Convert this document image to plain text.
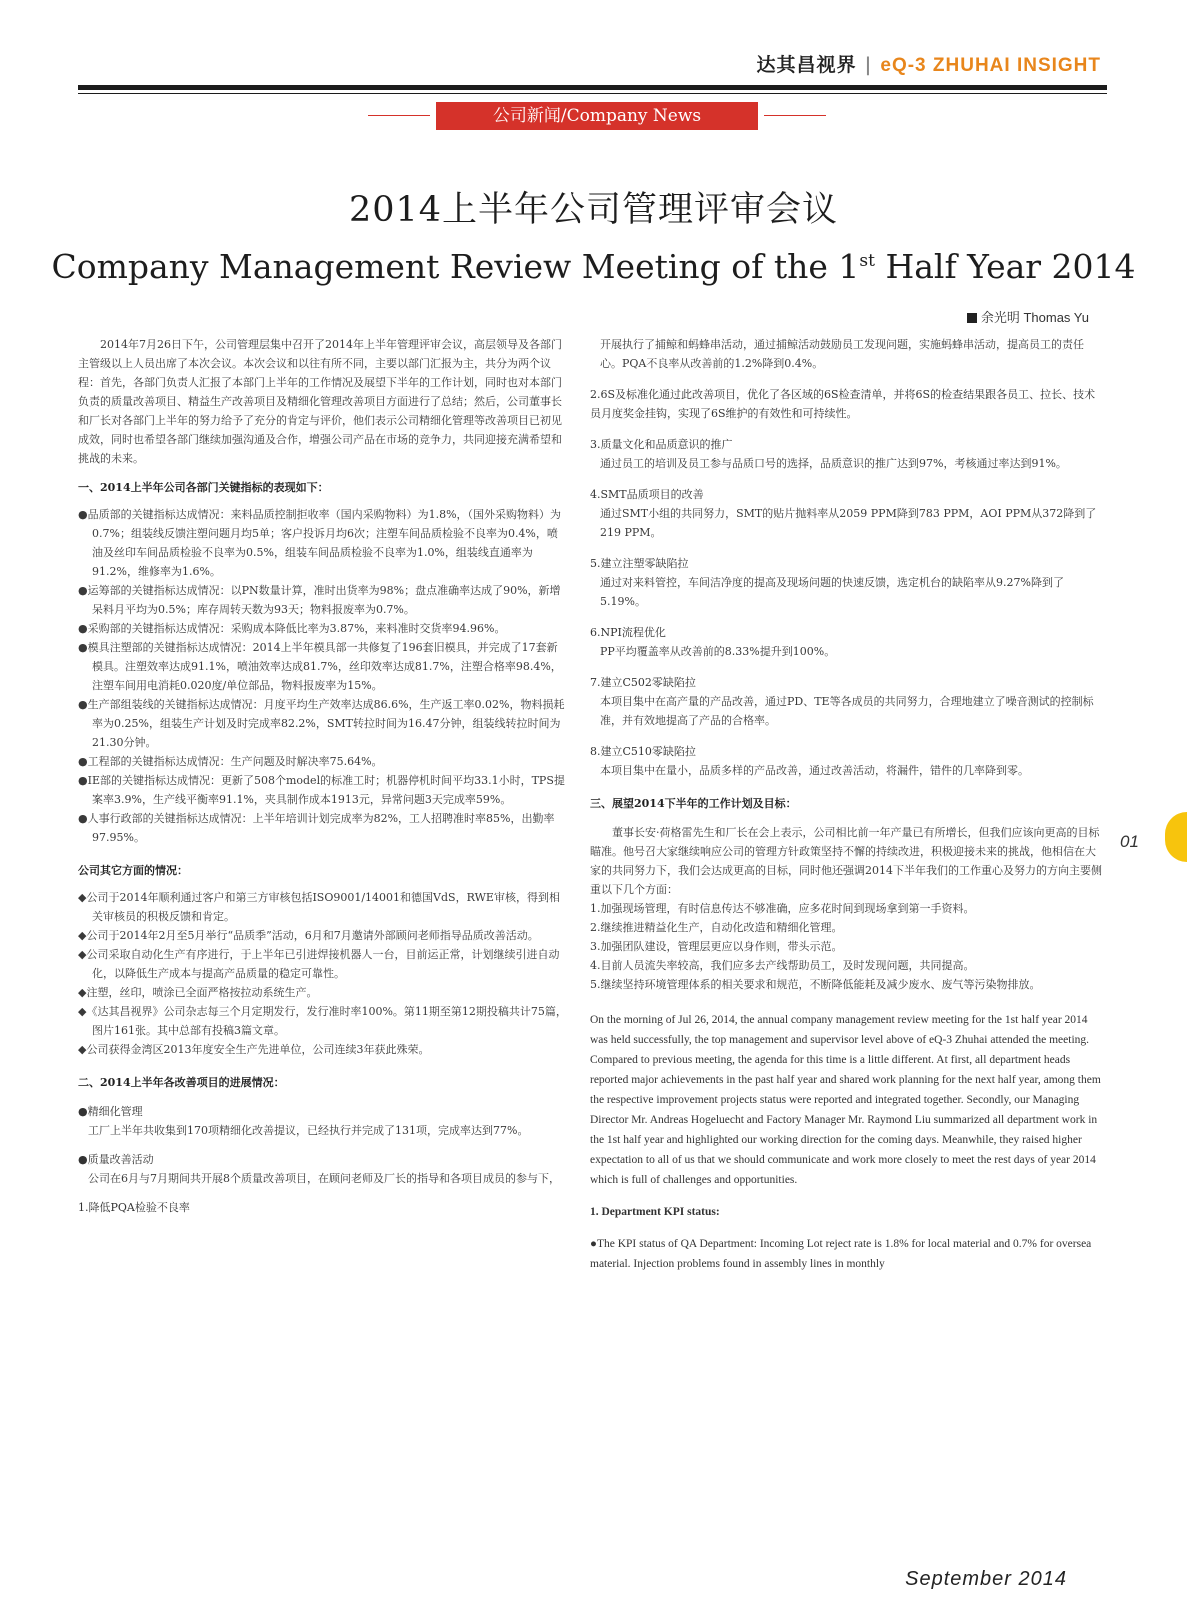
达其昌视界 | eQ-3 ZHUHAI INSIGHT
公司新闻/Company News
2014上半年公司管理评审会议
Company Management Review Meeting of the 1st Half Year 2014
余光明 Thomas Yu

2014年7月26日下午，公司管理层集中召开了2014年上半年管理评审会议，高层领导及各部门主管级以上人员出席了本次会议。本次会议和以往有所不同，主要以部门汇报为主，共分为两个议程：首先，各部门负责人汇报了本部门上半年的工作情况及展望下半年的工作计划，同时也对本部门负责的质量改善项目、精益生产改善项目及精细化管理改善项目方面进行了总结；然后，公司董事长和厂长对各部门上半年的努力给予了充分的肯定与评价，他们表示公司精细化管理等改善项目已初见成效，同时也希望各部门继续加强沟通及合作，增强公司产品在市场的竞争力，共同迎接充满希望和挑战的未来。

一、2014上半年公司各部门关键指标的表现如下：

●品质部的关键指标达成情况：来料品质控制拒收率（国内采购物料）为1.8%，（国外采购物料）为0.7%；组装线反馈注塑问题月均5单；客户投诉月均6次；注塑车间品质检验不良率为0.4%，喷油及丝印车间品质检验不良率为0.5%，组装车间品质检验不良率为1.0%，组装线直通率为91.2%，维修率为1.6%。

●运筹部的关键指标达成情况：以PN数量计算，准时出货率为98%；盘点准确率达成了90%，新增呆料月平均为0.5%；库存周转天数为93天；物料报废率为0.7%。

●采购部的关键指标达成情况：采购成本降低比率为3.87%，来料准时交货率94.96%。

●模具注塑部的关键指标达成情况：2014上半年模具部一共修复了196套旧模具，并完成了17套新模具。注塑效率达成91.1%，喷油效率达成81.7%，丝印效率达成81.7%，注塑合格率98.4%，注塑车间用电消耗0.020度/单位部品，物料报废率为15%。

●生产部组装线的关键指标达成情况：月度平均生产效率达成86.6%，生产返工率0.02%，物料损耗率为0.25%，组装生产计划及时完成率82.2%，SMT转拉时间为16.47分钟，组装线转拉时间为21.30分钟。

●工程部的关键指标达成情况：生产问题及时解决率75.64%。

●IE部的关键指标达成情况：更新了508个model的标准工时；机器停机时间平均33.1小时，TPS提案率3.9%，生产线平衡率91.1%，夹具制作成本1913元，异常问题3天完成率59%。

●人事行政部的关键指标达成情况：上半年培训计划完成率为82%，工人招聘准时率85%，出勤率97.95%。

公司其它方面的情况：

◆公司于2014年顺利通过客户和第三方审核包括ISO9001/14001和德国VdS，RWE审核，得到相关审核员的积极反馈和肯定。

◆公司于2014年2月至5月举行“品质季”活动，6月和7月邀请外部顾问老师指导品质改善活动。

◆公司采取自动化生产有序进行，于上半年已引进焊接机器人一台，目前运正常，计划继续引进自动化，以降低生产成本与提高产品质量的稳定可靠性。

◆注塑，丝印，喷涂已全面严格按拉动系统生产。

◆《达其昌视界》公司杂志每三个月定期发行，发行准时率100%。第11期至第12期投稿共计75篇，图片161张。其中总部有投稿3篇文章。

◆公司获得金湾区2013年度安全生产先进单位，公司连续3年获此殊荣。

二、2014上半年各改善项目的进展情况：

●精细化管理

工厂上半年共收集到170项精细化改善提议，已经执行并完成了131项，完成率达到77%。

●质量改善活动

公司在6月与7月期间共开展8个质量改善项目，在顾问老师及厂长的指导和各项目成员的参与下，

1.降低PQA检验不良率

开展执行了捕鲸和蚂蜂串活动，通过捕鲸活动鼓励员工发现问题，实施蚂蜂串活动，提高员工的责任心。PQA不良率从改善前的1.2%降到0.4%。

2.6S及标准化通过此改善项目，优化了各区域的6S检查清单，并将6S的检查结果跟各员工、拉长、技术员月度奖金挂钩，实现了6S维护的有效性和可持续性。

3.质量文化和品质意识的推广

通过员工的培训及员工参与品质口号的选择，品质意识的推广达到97%，考核通过率达到91%。

4.SMT品质项目的改善

通过SMT小组的共同努力，SMT的贴片抛料率从2059 PPM降到783 PPM，AOI PPM从372降到了219 PPM。

5.建立注塑零缺陷拉

通过对来料管控，车间洁净度的提高及现场问题的快速反馈，选定机台的缺陷率从9.27%降到了5.19%。

6.NPI流程优化

PP平均覆盖率从改善前的8.33%提升到100%。

7.建立C502零缺陷拉

本项目集中在高产量的产品改善，通过PD、TE等各成员的共同努力，合理地建立了噪音测试的控制标准，并有效地提高了产品的合格率。

8.建立C510零缺陷拉

本项目集中在量小，品质多样的产品改善，通过改善活动，将漏件，错件的几率降到零。

三、展望2014下半年的工作计划及目标：

董事长安·荷格雷先生和厂长在会上表示，公司相比前一年产量已有所增长，但我们应该向更高的目标瞄准。他号召大家继续响应公司的管理方针政策坚持不懈的持续改进，积极迎接未来的挑战，他相信在大家的共同努力下，我们会达成更高的目标，同时他还强调2014下半年我们的工作重心及努力的方向主要侧重以下几个方面：

1.加强现场管理，有时信息传达不够准确，应多花时间到现场拿到第一手资料。

2.继续推进精益化生产，自动化改造和精细化管理。

3.加强团队建设，管理层更应以身作则，带头示范。

4.目前人员流失率较高，我们应多去产线帮助员工，及时发现问题，共同提高。

5.继续坚持环境管理体系的相关要求和规范，不断降低能耗及减少废水、废气等污染物排放。

On the morning of Jul 26, 2014, the annual company management review meeting for the 1st half year 2014 was held successfully, the top management and supervisor level above of eQ-3 Zhuhai attended the meeting. Compared to previous meeting, the agenda for this time is a little different. At first, all department heads reported major achievements in the past half year and shared work planning for the next half year, among them the respective improvement projects status were reported and integrated together. Secondly, our Managing Director Mr. Andreas Hogeluecht and Factory Manager Mr. Raymond Liu summarized all department work in the 1st half year and highlighted our working direction for the coming days. Meanwhile, they raised higher expectation to all of us that we should communicate and work more closely to meet the rest days of year 2014 which is full of challenges and opportunities.

1. Department KPI status:

●The KPI status of QA Department: Incoming Lot reject rate is 1.8% for local material and 0.7% for oversea material. Injection problems found in assembly lines in monthly

01
September 2014
